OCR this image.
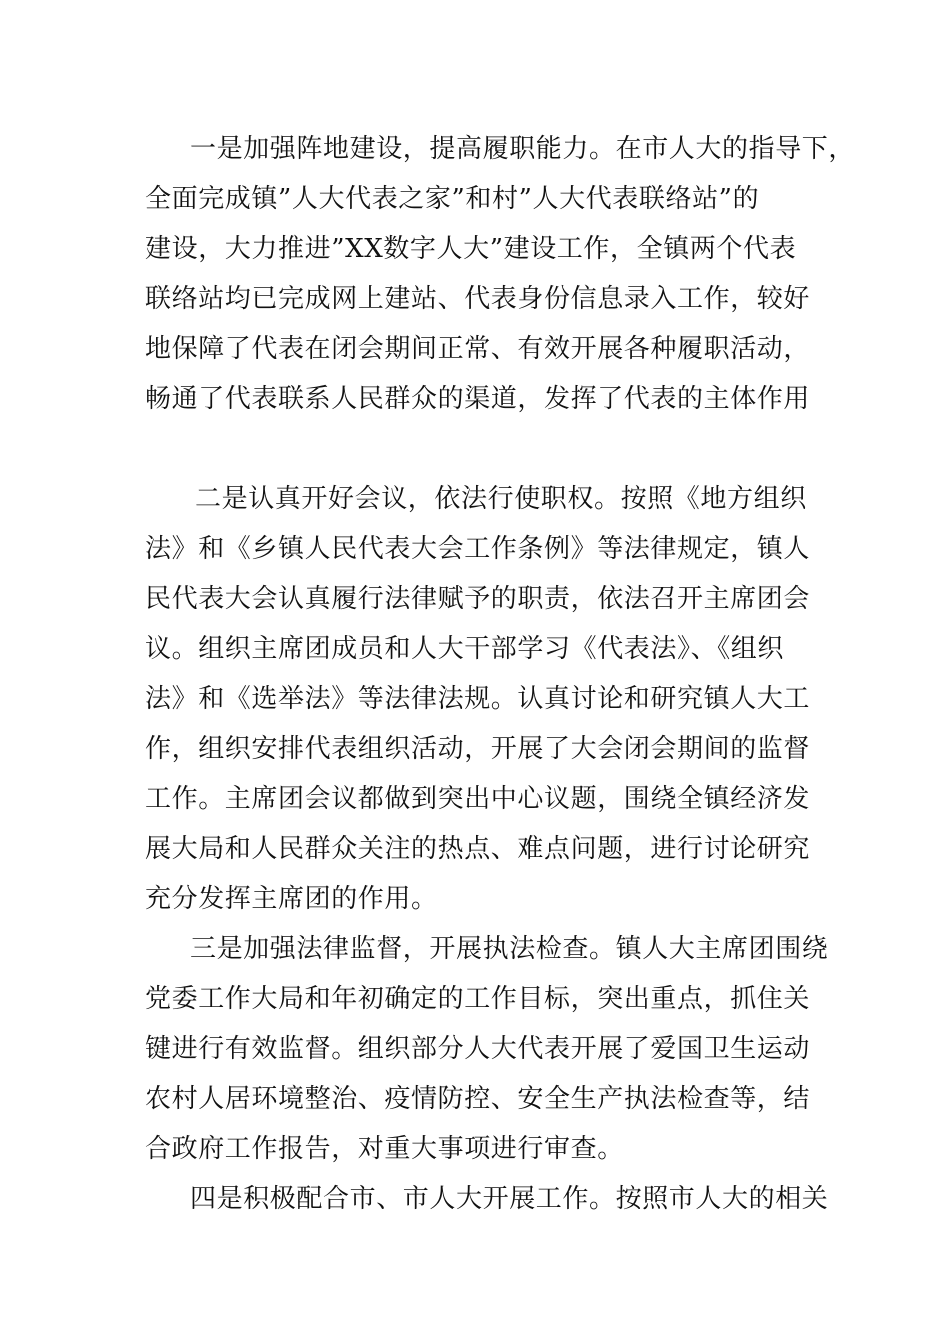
一是加强阵地建设，提高履职能力。在市人大的指导下，
全面完成镇”人大代表之家”和村”人大代表联络站”的
建设，大力推进”XX数字人大”建设工作，全镇两个代表
联络站均已完成网上建站、代表身份信息录入工作，较好
地保障了代表在闭会期间正常、有效开展各种履职活动，
畅通了代表联系人民群众的渠道，发挥了代表的主体作用
二是认真开好会议，依法行使职权。按照《地方组织
法》和《乡镇人民代表大会工作条例》等法律规定，镇人
民代表大会认真履行法律赋予的职责，依法召开主席团会
议。组织主席团成员和人大干部学习《代表法》、《组织
法》和《选举法》等法律法规。认真讨论和研究镇人大工
作，组织安排代表组织活动，开展了大会闭会期间的监督
工作。主席团会议都做到突出中心议题，围绕全镇经济发
展大局和人民群众关注的热点、难点问题，进行讨论研究
充分发挥主席团的作用。
三是加强法律监督，开展执法检查。镇人大主席团围绕
党委工作大局和年初确定的工作目标，突出重点，抓住关
键进行有效监督。组织部分人大代表开展了爱国卫生运动
农村人居环境整治、疫情防控、安全生产执法检查等，结
合政府工作报告，对重大事项进行审查。
四是积极配合市、市人大开展工作。按照市人大的相关
